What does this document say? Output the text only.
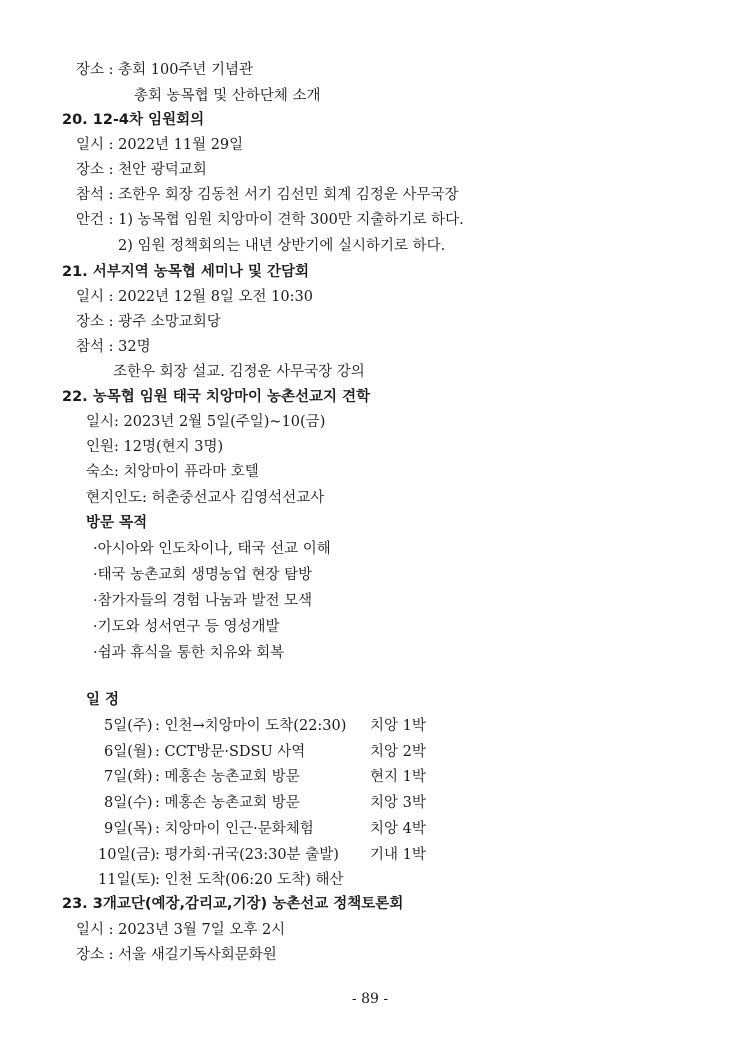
장소 : 총회 100주년 기념관
총회 농목협 및 산하단체 소개
20. 12-4차 임원회의
일시 : 2022년 11월 29일
장소 : 천안 광덕교회
참석 : 조한우 회장 김동천 서기 김선민 회계 김정운 사무국장
안건 : 1) 농목협 임원 치앙마이 견학 300만 지출하기로 하다.
2) 임원 정책회의는 내년 상반기에 실시하기로 하다.
21. 서부지역 농목협 세미나 및 간담회
일시 : 2022년 12월 8일 오전 10:30
장소 : 광주 소망교회당
참석 : 32명
조한우 회장 설교. 김정운 사무국장 강의
22. 농목협 임원 태국 치앙마이 농촌선교지 견학
일시: 2023년 2월 5일(주일)~10(금)
인원: 12명(현지 3명)
숙소: 치앙마이 퓨라마 호텔
현지인도: 허춘중선교사 김영석선교사
방문 목적
·아시아와 인도차이나, 태국 선교 이해
·태국 농촌교회 생명농업 현장 탐방
·참가자들의 경험 나눔과 발전 모색
·기도와 성서연구 등 영성개발
·쉼과 휴식을 통한 치유와 회복
일 정
5일(주) : 인천→치앙마이 도착(22:30) 치앙 1박
6일(월) : CCT방문·SDSU 사역	치앙 2박
7일(화) : 메홍손 농촌교회 방문	현지 1박
8일(수) : 메홍손 농촌교회 방문	치앙 3박
9일(목) : 치앙마이 인근·문화체험	치앙 4박
10일(금) : 평가회·귀국(23:30분 출발) 기내 1박
11일(토) : 인천 도착(06:20 도착) 해산
23. 3개교단(예장,감리교,기장) 농촌선교 정책토론회
일시 : 2023년 3월 7일 오후 2시
장소 : 서울 새길기독사회문화원
- 89 -
